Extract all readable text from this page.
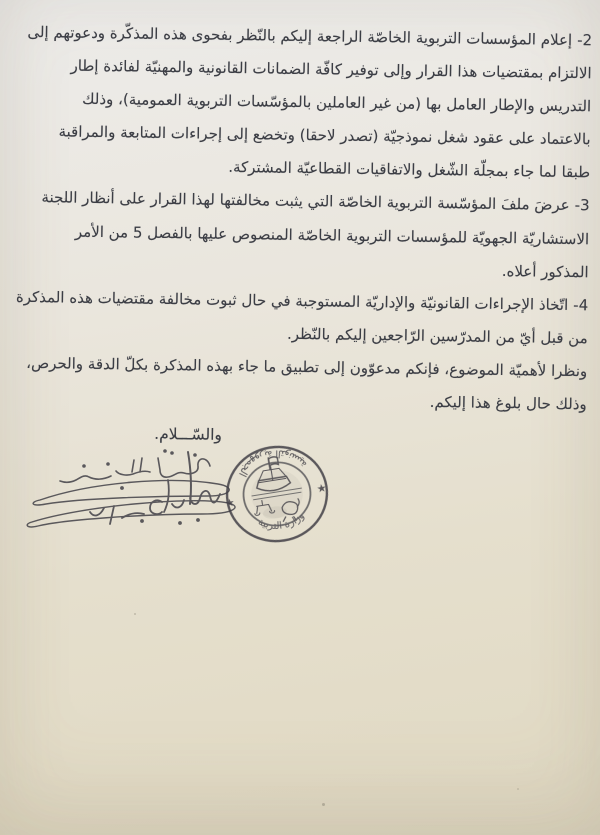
2-إعلام المؤسسات التربوية الخاصّة الراجعة إليكم بالنّظر بفحوى هذه المذكّرة ودعوتهم إلى
الالتزام بمقتضيات هذا القرار وإلى توفير كافّة الضمانات القانونية والمهنيّة لفائدة إطار
التدريس والإطار العامل بها (من غير العاملين بالمؤسّسات التربوية العمومية)، وذلك
بالاعتماد على عقود شغل نموذجيّة (تصدر لاحقا) وتخضع إلى إجراءات المتابعة والمراقبة
طبقا لما جاء بمجلّة الشّغل والاتفاقيات القطاعيّة المشتركة.
3-عرضَ ملفَ المؤسّسة التربوية الخاصّة التي يثبت مخالفتها لهذا القرار على أنظار اللجنة
الاستشاريّة الجهويّة للمؤسسات التربوية الخاصّة المنصوص عليها بالفصل 5 من الأمر
المذكور أعلاه.
4-اتّخاذ الإجراءات القانونيّة والإداريّة المستوجبة في حال ثبوت مخالفة مقتضيات هذه المذكرة
من قبل أيّ من المدرّسين الرّاجعين إليكم بالنّظر.
ونظرا لأهميّة الموضوع، فإنكم مدعوّون إلى تطبيق ما جاء بهذه المذكرة بكلّ الدقة والحرص،
وذلك حال بلوغ هذا إليكم.
والسّـــلام.
الجمهورية التونسية
وزارة التربية
★
★
